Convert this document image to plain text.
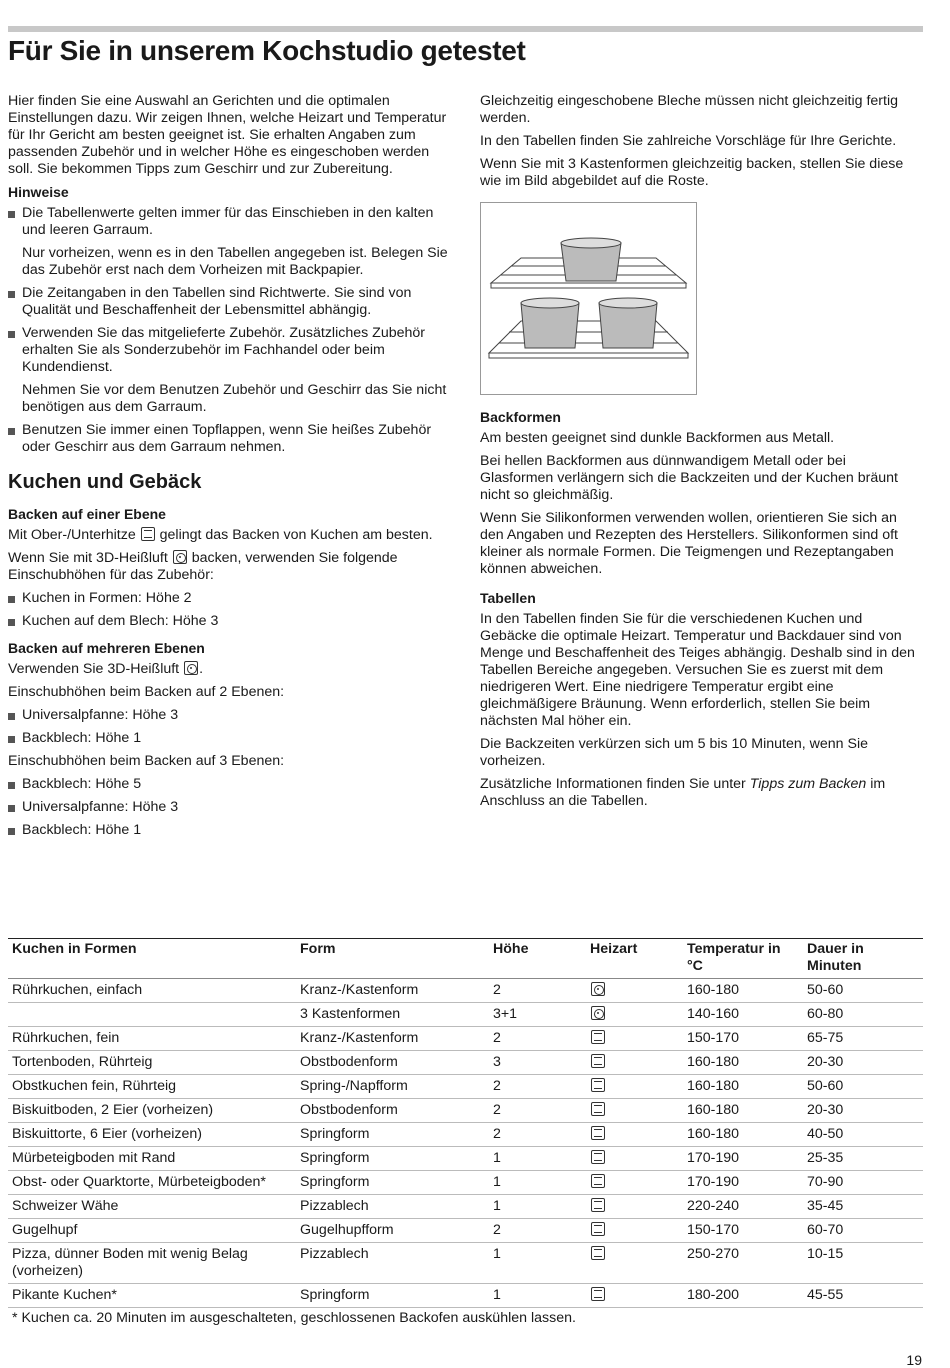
Für Sie in unserem Kochstudio getestet

Hier finden Sie eine Auswahl an Gerichten und die optimalen Einstellungen dazu. Wir zeigen Ihnen, welche Heizart und Temperatur für Ihr Gericht am besten geeignet ist. Sie erhalten Angaben zum passenden Zubehör und in welcher Höhe es eingeschoben werden soll. Sie bekommen Tipps zum Geschirr und zur Zubereitung.

Hinweise
Die Tabellenwerte gelten immer für das Einschieben in den kalten und leeren Garraum.
Nur vorheizen, wenn es in den Tabellen angegeben ist. Belegen Sie das Zubehör erst nach dem Vorheizen mit Backpapier.
Die Zeitangaben in den Tabellen sind Richtwerte. Sie sind von Qualität und Beschaffenheit der Lebensmittel abhängig.
Verwenden Sie das mitgelieferte Zubehör. Zusätzliches Zubehör erhalten Sie als Sonderzubehör im Fachhandel oder beim Kundendienst.
Nehmen Sie vor dem Benutzen Zubehör und Geschirr das Sie nicht benötigen aus dem Garraum.
Benutzen Sie immer einen Topflappen, wenn Sie heißes Zubehör oder Geschirr aus dem Garraum nehmen.
Kuchen und Gebäck
Backen auf einer Ebene

Mit Ober-/Unterhitze gelingt das Backen von Kuchen am besten.

Wenn Sie mit 3D-Heißluft backen, verwenden Sie folgende Einschubhöhen für das Zubehör:

Kuchen in Formen: Höhe 2
Kuchen auf dem Blech: Höhe 3
Backen auf mehreren Ebenen

Verwenden Sie 3D-Heißluft .

Einschubhöhen beim Backen auf 2 Ebenen:

Universalpfanne: Höhe 3
Backblech: Höhe 1

Einschubhöhen beim Backen auf 3 Ebenen:

Backblech: Höhe 5
Universalpfanne: Höhe 3
Backblech: Höhe 1

Gleichzeitig eingeschobene Bleche müssen nicht gleichzeitig fertig werden.

In den Tabellen finden Sie zahlreiche Vorschläge für Ihre Gerichte.

Wenn Sie mit 3 Kastenformen gleichzeitig backen, stellen Sie diese wie im Bild abgebildet auf die Roste.

Backformen

Am besten geeignet sind dunkle Backformen aus Metall.

Bei hellen Backformen aus dünnwandigem Metall oder bei Glasformen verlängern sich die Backzeiten und der Kuchen bräunt nicht so gleichmäßig.

Wenn Sie Silikonformen verwenden wollen, orientieren Sie sich an den Angaben und Rezepten des Herstellers. Silikonformen sind oft kleiner als normale Formen. Die Teigmengen und Rezeptangaben können abweichen.

Tabellen

In den Tabellen finden Sie für die verschiedenen Kuchen und Gebäcke die optimale Heizart. Temperatur und Backdauer sind von Menge und Beschaffenheit des Teiges abhängig. Deshalb sind in den Tabellen Bereiche angegeben. Versuchen Sie es zuerst mit dem niedrigeren Wert. Eine niedrigere Temperatur ergibt eine gleichmäßigere Bräunung. Wenn erforderlich, stellen Sie beim nächsten Mal höher ein.

Die Backzeiten verkürzen sich um 5 bis 10 Minuten, wenn Sie vorheizen.

Zusätzliche Informationen finden Sie unter Tipps zum Backen im Anschluss an die Tabellen.

Kuchen in Formen	Form	Höhe	Heizart	Temperatur in °C	Dauer in Minuten
Rührkuchen, einfach	Kranz-/Kastenform	2		160-180	50-60
	3 Kastenformen	3+1		140-160	60-80
Rührkuchen, fein	Kranz-/Kastenform	2		150-170	65-75
Tortenboden, Rührteig	Obstbodenform	3		160-180	20-30
Obstkuchen fein, Rührteig	Spring-/Napfform	2		160-180	50-60
Biskuitboden, 2 Eier (vorheizen)	Obstbodenform	2		160-180	20-30
Biskuittorte, 6 Eier (vorheizen)	Springform	2		160-180	40-50
Mürbeteigboden mit Rand	Springform	1		170-190	25-35
Obst- oder Quarktorte, Mürbeteigboden*	Springform	1		170-190	70-90
Schweizer Wähe	Pizzablech	1		220-240	35-45
Gugelhupf	Gugelhupfform	2		150-170	60-70
Pizza, dünner Boden mit wenig Belag (vorheizen)	Pizzablech	1		250-270	10-15
Pikante Kuchen*	Springform	1		180-200	45-55
* Kuchen ca. 20 Minuten im ausgeschalteten, geschlossenen Backofen auskühlen lassen.
19
